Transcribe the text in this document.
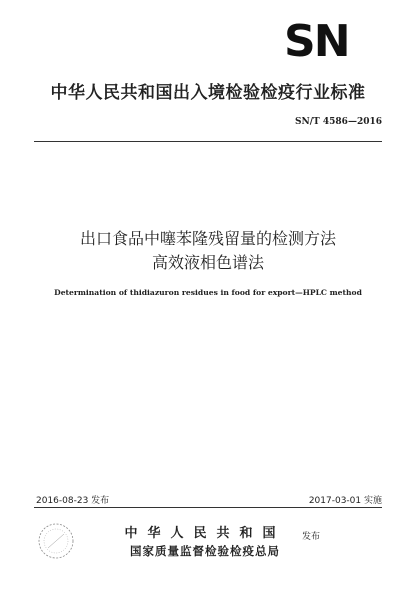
SN
中华人民共和国出入境检验检疫行业标准
SN/T 4586—2016
出口食品中噻苯隆残留量的检测方法
高效液相色谱法
Determination of thidiazuron residues in food for export—HPLC method
2016-08-23 发布	2017-03-01 实施
中华人民共和国
国家质量监督检验检疫总局
发布
